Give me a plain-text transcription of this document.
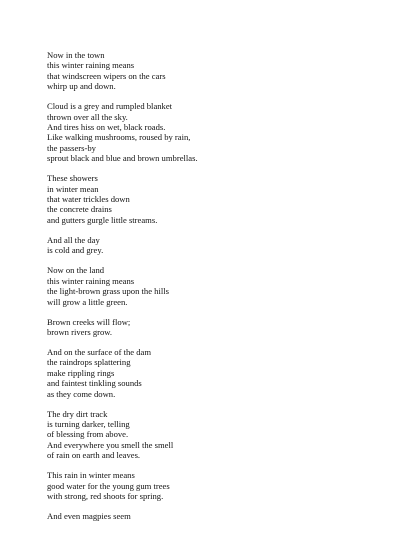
Now in the town
this winter raining means
that windscreen wipers on the cars
whirp up and down.
Cloud is a grey and rumpled blanket
thrown over all the sky.
And tires hiss on wet, black roads.
Like walking mushrooms, roused by rain,
the passers-by
sprout black and blue and brown umbrellas.
These showers
in winter mean
that water trickles down
the concrete drains
and gutters gurgle little streams.
And all the day
is cold and grey.
Now on the land
this winter raining means
the light-brown grass upon the hills
will grow a little green.
Brown creeks will flow;
brown rivers grow.
And on the surface of the dam
the raindrops splattering
make rippling rings
and faintest tinkling sounds
as they come down.
The dry dirt track
is turning darker, telling
of blessing from above.
And everywhere you smell the smell
of rain on earth and leaves.
This rain in winter means
good water for the young gum trees
with strong, red shoots for spring.
And even magpies seem
